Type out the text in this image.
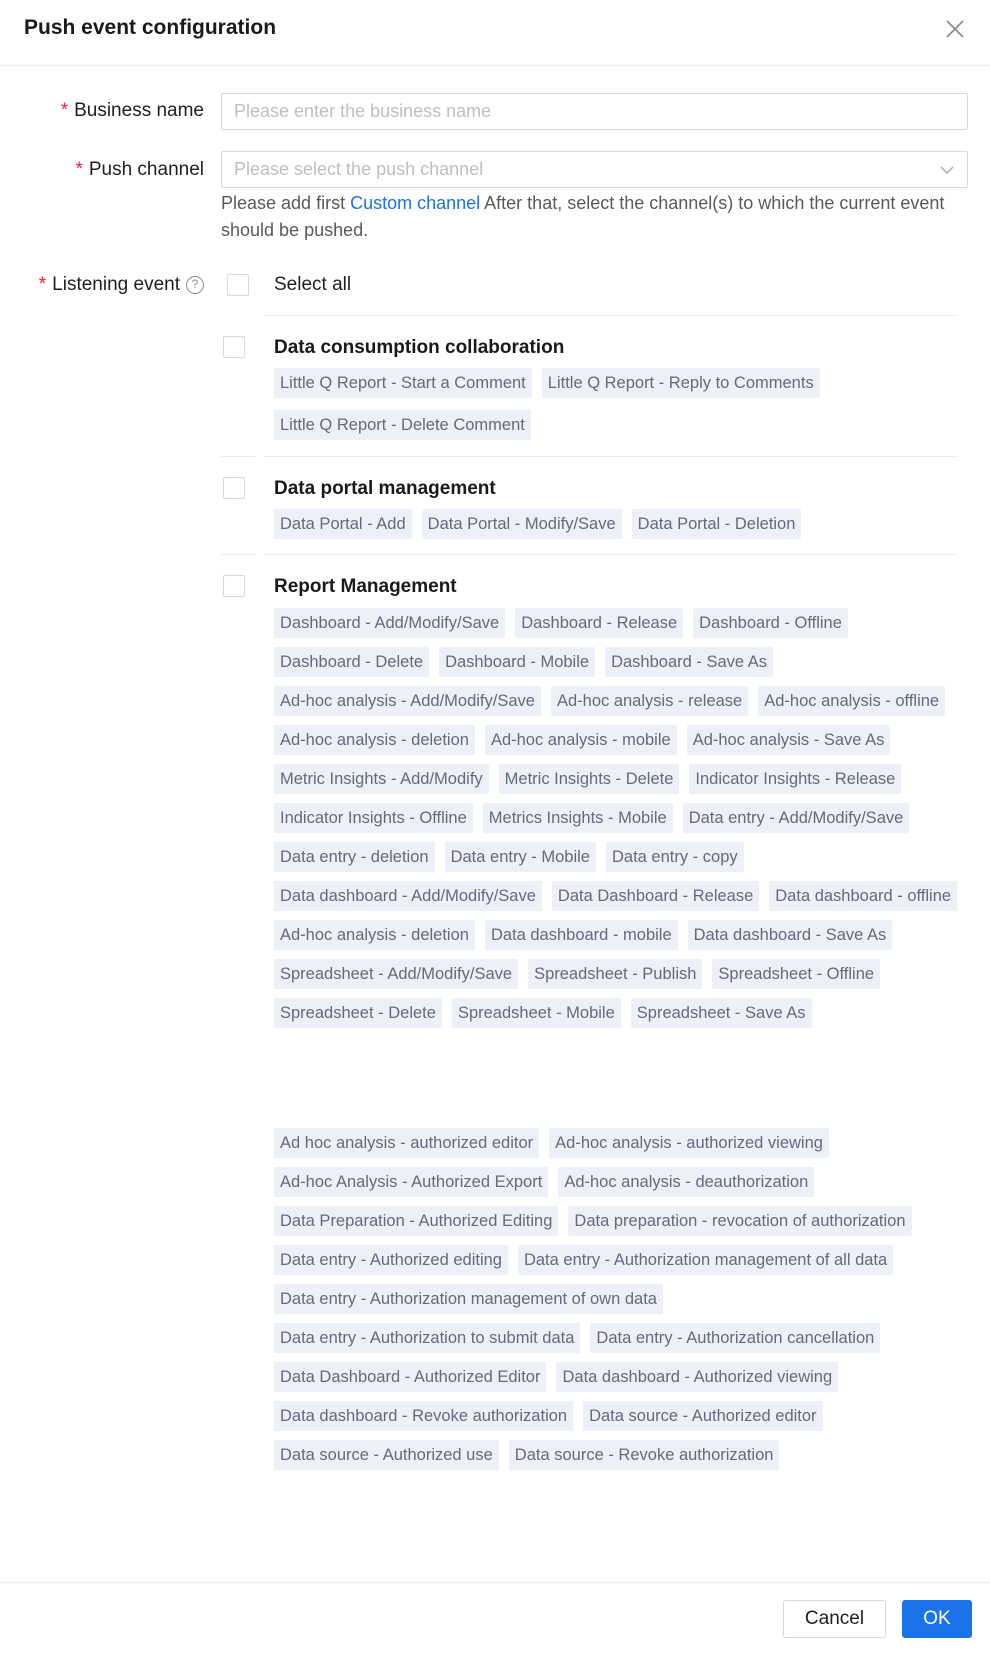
Push event configuration
* Business name
Please enter the business name
* Push channel	Please select the push channel
Please add first Custom channel After that, select the channel(s) to which the current event should be pushed.
* Listening event ?	Select all
Data consumption collaboration
Little Q Report - Start a Comment	Little Q Report - Reply to Comments
Little Q Report - Delete Comment
Data portal management
Data Portal - Add	Data Portal - Modify/Save	Data Portal - Deletion
Report Management
Dashboard - Add/Modify/Save	Dashboard - Release	Dashboard - Offline
Dashboard - Delete	Dashboard - Mobile	Dashboard - Save As
Ad-hoc analysis - Add/Modify/Save	Ad-hoc analysis - release	Ad-hoc analysis - offline
Ad-hoc analysis - deletion	Ad-hoc analysis - mobile	Ad-hoc analysis - Save As
Metric Insights - Add/Modify	Metric Insights - Delete	Indicator Insights - Release
Indicator Insights - Offline	Metrics Insights - Mobile	Data entry - Add/Modify/Save
Data entry - deletion	Data entry - Mobile	Data entry - copy
Data dashboard - Add/Modify/Save	Data Dashboard - Release	Data dashboard - offline
Ad-hoc analysis - deletion	Data dashboard - mobile	Data dashboard - Save As
Spreadsheet - Add/Modify/Save	Spreadsheet - Publish	Spreadsheet - Offline
Spreadsheet - Delete	Spreadsheet - Mobile	Spreadsheet - Save As
Ad hoc analysis - authorized editor	Ad-hoc analysis - authorized viewing
Ad-hoc Analysis - Authorized Export	Ad-hoc analysis - deauthorization
Data Preparation - Authorized Editing	Data preparation - revocation of authorization
Data entry - Authorized editing	Data entry - Authorization management of all data
Data entry - Authorization management of own data
Data entry - Authorization to submit data	Data entry - Authorization cancellation
Data Dashboard - Authorized Editor	Data dashboard - Authorized viewing
Data dashboard - Revoke authorization	Data source - Authorized editor
Data source - Authorized use	Data source - Revoke authorization
Cancel	OK
